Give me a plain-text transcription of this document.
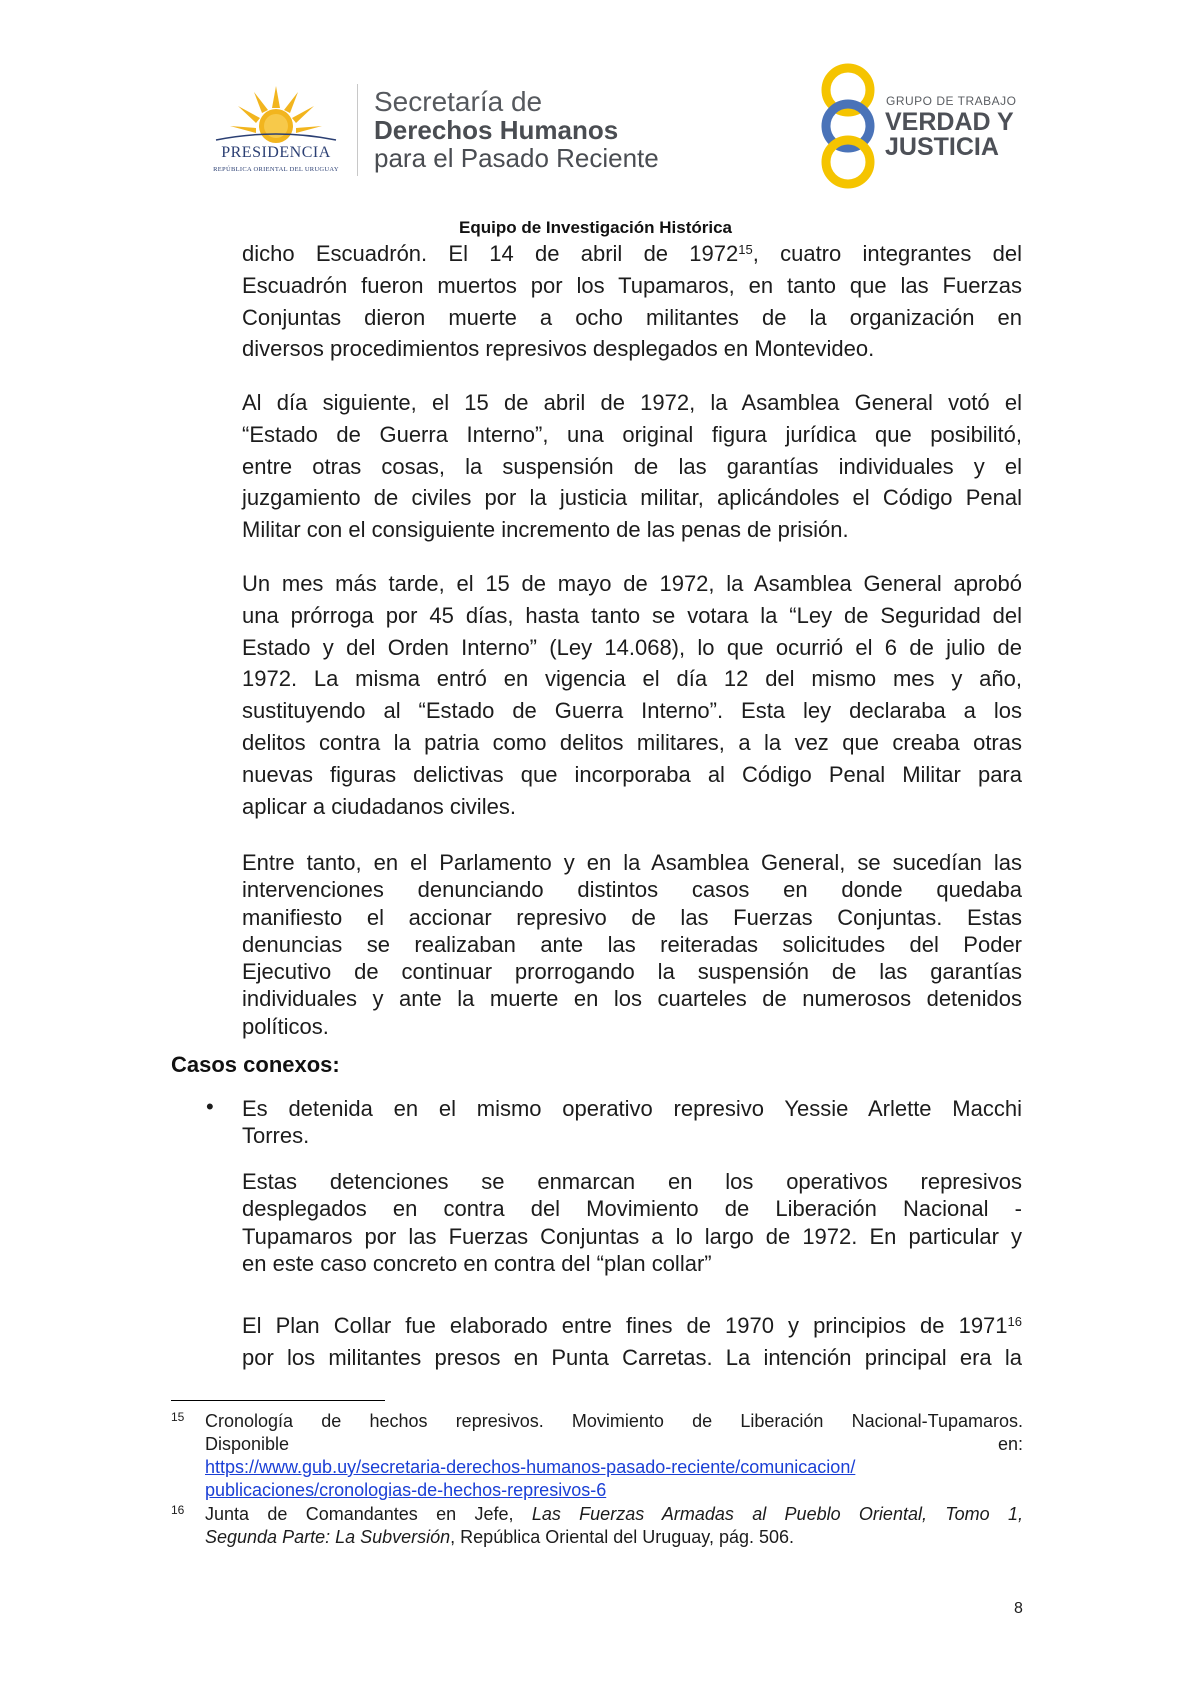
PRESIDENCIA
REPÚBLICA ORIENTAL DEL URUGUAY
Secretaría de
Derechos Humanos
para el Pasado Reciente
GRUPO DE TRABAJO
VERDAD Y
JUSTICIA
Equipo de Investigación Histórica
dicho Escuadrón. El 14 de abril de 1972$^{15}$, cuatro integrantes del
Escuadrón fueron muertos por los Tupamaros, en tanto que las Fuerzas
Conjuntas dieron muerte a ocho militantes de la organización en
diversos procedimientos represivos desplegados en Montevideo.
Al día siguiente, el 15 de abril de 1972, la Asamblea General votó el
“Estado de Guerra Interno”, una original figura jurídica que posibilitó,
entre otras cosas, la suspensión de las garantías individuales y el
juzgamiento de civiles por la justicia militar, aplicándoles el Código Penal
Militar con el consiguiente incremento de las penas de prisión.
Un mes más tarde, el 15 de mayo de 1972, la Asamblea General aprobó
una prórroga por 45 días, hasta tanto se votara la “Ley de Seguridad del
Estado y del Orden Interno” (Ley 14.068), lo que ocurrió el 6 de julio de
1972. La misma entró en vigencia el día 12 del mismo mes y año,
sustituyendo al “Estado de Guerra Interno”. Esta ley declaraba a los
delitos contra la patria como delitos militares, a la vez que creaba otras
nuevas figuras delictivas que incorporaba al Código Penal Militar para
aplicar a ciudadanos civiles.
Entre tanto, en el Parlamento y en la Asamblea General, se sucedían las
intervenciones denunciando distintos casos en donde quedaba
manifiesto el accionar represivo de las Fuerzas Conjuntas. Estas
denuncias se realizaban ante las reiteradas solicitudes del Poder
Ejecutivo de continuar prorrogando la suspensión de las garantías
individuales y ante la muerte en los cuarteles de numerosos detenidos
políticos.
Casos conexos:
• Es detenida en el mismo operativo represivo Yessie Arlette Macchi
Torres.
Estas detenciones se enmarcan en los operativos represivos
desplegados en contra del Movimiento de Liberación Nacional -
Tupamaros por las Fuerzas Conjuntas a lo largo de 1972. En particular y
en este caso concreto en contra del “plan collar”
El Plan Collar fue elaborado entre fines de 1970 y principios de 1971$^{16}$
por los militantes presos en Punta Carretas. La intención principal era la
15 Cronología de hechos represivos. Movimiento de Liberación Nacional-Tupamaros.
Disponible	en:
https://www.gub.uy/secretaria-derechos-humanos-pasado-reciente/comunicacion/
publicaciones/cronologias-de-hechos-represivos-6
16 Junta de Comandantes en Jefe, Las Fuerzas Armadas al Pueblo Oriental, Tomo 1,
Segunda Parte: La Subversión, República Oriental del Uruguay, pág. 506.
8
